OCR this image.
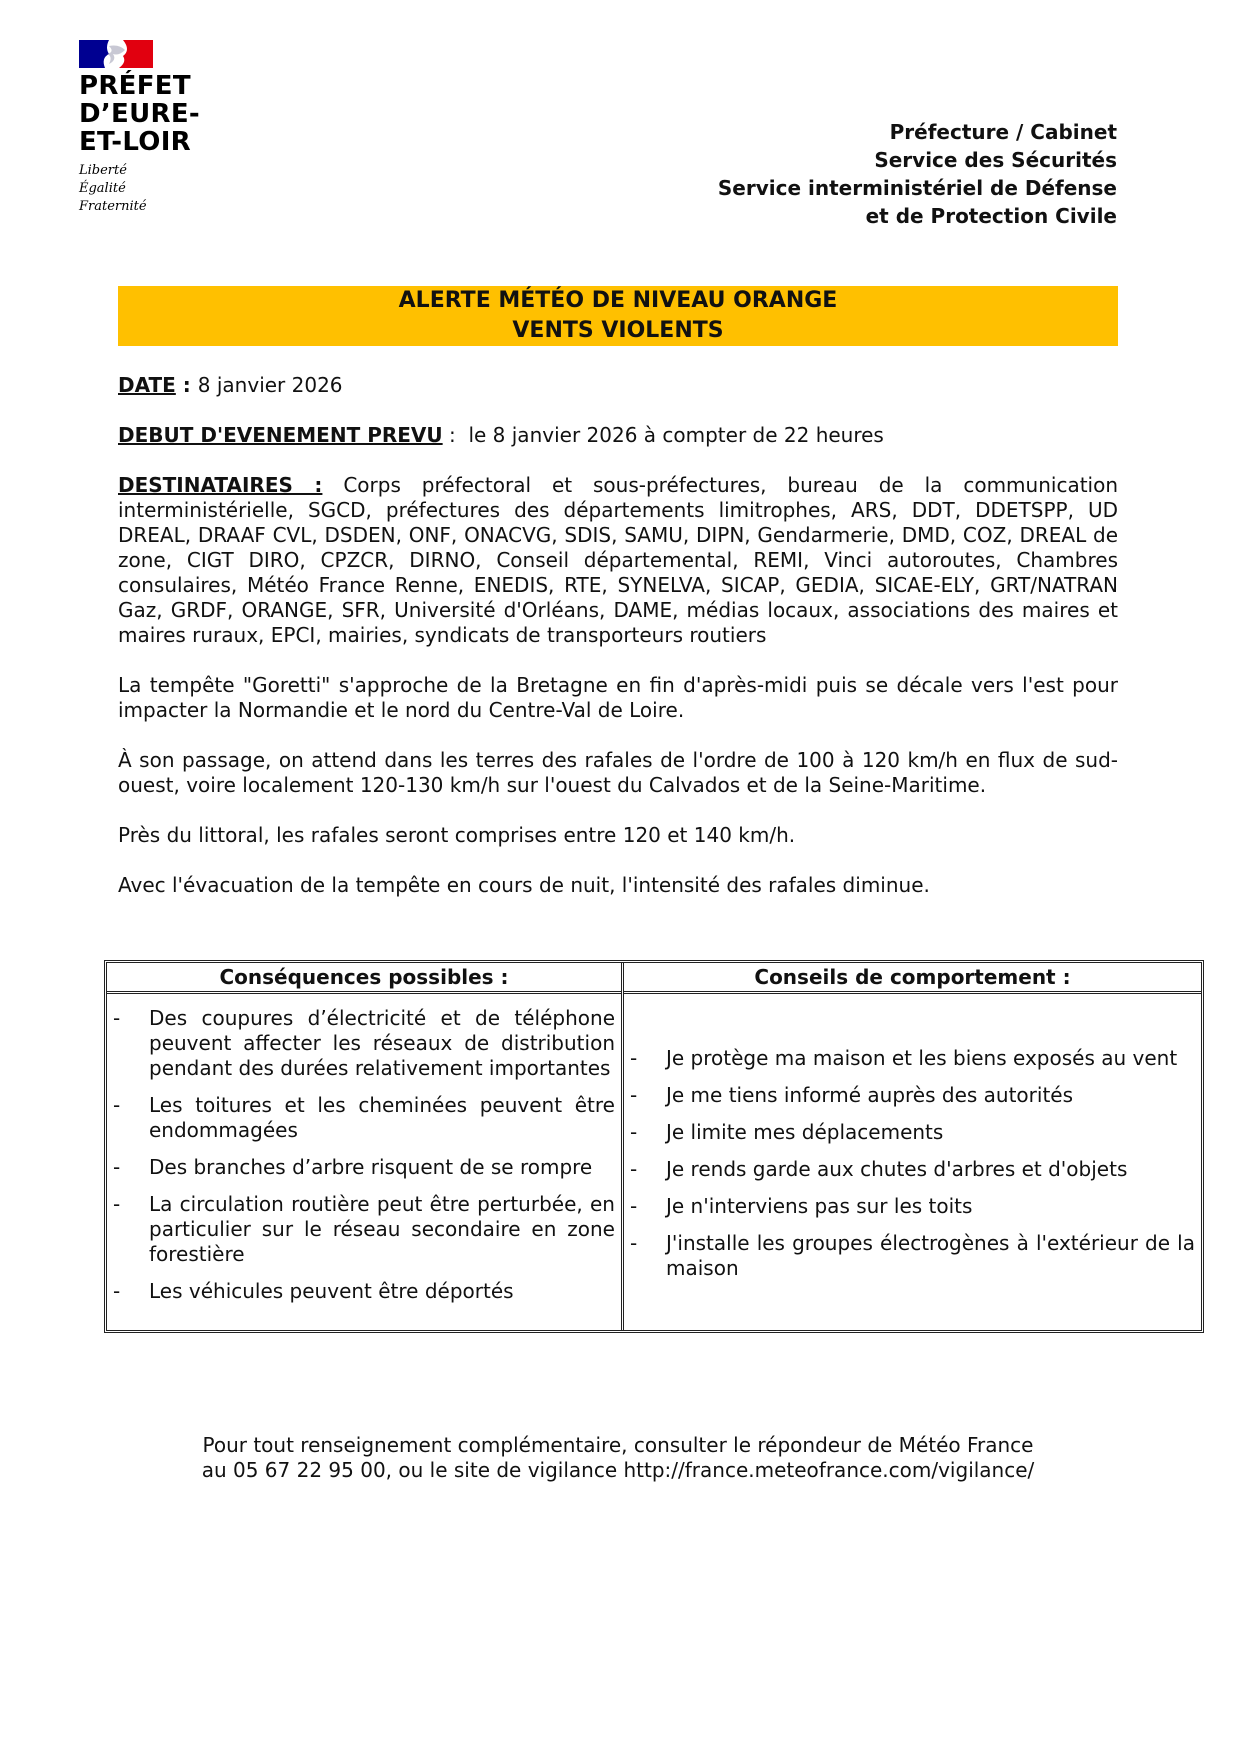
PRÉFET
D’EURE-
ET-LOIR
Liberté
Égalité
Fraternité
Préfecture / Cabinet
Service des Sécurités
Service interministériel de Défense
et de Protection Civile
ALERTE MÉTÉO DE NIVEAU ORANGE
VENTS VIOLENTS

DATE : 8 janvier 2026

DEBUT D'EVENEMENT PREVU :  le 8 janvier 2026 à compter de 22 heures

DESTINATAIRES : Corps préfectoral et sous-préfectures, bureau de la communication interministérielle, SGCD, préfectures des départements limitrophes, ARS, DDT, DDETSPP, UD DREAL, DRAAF CVL, DSDEN, ONF, ONACVG, SDIS, SAMU, DIPN, Gendarmerie, DMD, COZ, DREAL de zone, CIGT DIRO, CPZCR, DIRNO, Conseil départemental, REMI, Vinci autoroutes, Chambres consulaires, Météo France Renne, ENEDIS, RTE, SYNELVA, SICAP, GEDIA, SICAE-ELY, GRT/NATRAN Gaz, GRDF, ORANGE, SFR, Université d'Orléans, DAME, médias locaux, associations des maires et maires ruraux, EPCI, mairies, syndicats de transporteurs routiers

La tempête "Goretti" s'approche de la Bretagne en fin d'après-midi puis se décale vers l'est pour impacter la Normandie et le nord du Centre-Val de Loire.

À son passage, on attend dans les terres des rafales de l'ordre de 100 à 120 km/h en flux de sud-ouest, voire localement 120-130 km/h sur l'ouest du Calvados et de la Seine-Maritime.

Près du littoral, les rafales seront comprises entre 120 et 140 km/h.

Avec l'évacuation de la tempête en cours de nuit, l'intensité des rafales diminue.

Conséquences possibles :
- Des coupures d’électricité et de téléphone peuvent affecter les réseaux de distribution pendant des durées relativement importantes
- Les toitures et les cheminées peuvent être endommagées
- Des branches d’arbre risquent de se rompre
- La circulation routière peut être perturbée, en particulier sur le réseau secondaire en zone forestière
- Les véhicules peuvent être déportés
Conseils de comportement :
- Je protège ma maison et les biens exposés au vent
- Je me tiens informé auprès des autorités
- Je limite mes déplacements
- Je rends garde aux chutes d'arbres et d'objets
- Je n'interviens pas sur les toits
- J'installe les groupes électrogènes à l'extérieur de la maison
Pour tout renseignement complémentaire, consulter le répondeur de Météo France
au 05 67 22 95 00, ou le site de vigilance http://france.meteofrance.com/vigilance/
